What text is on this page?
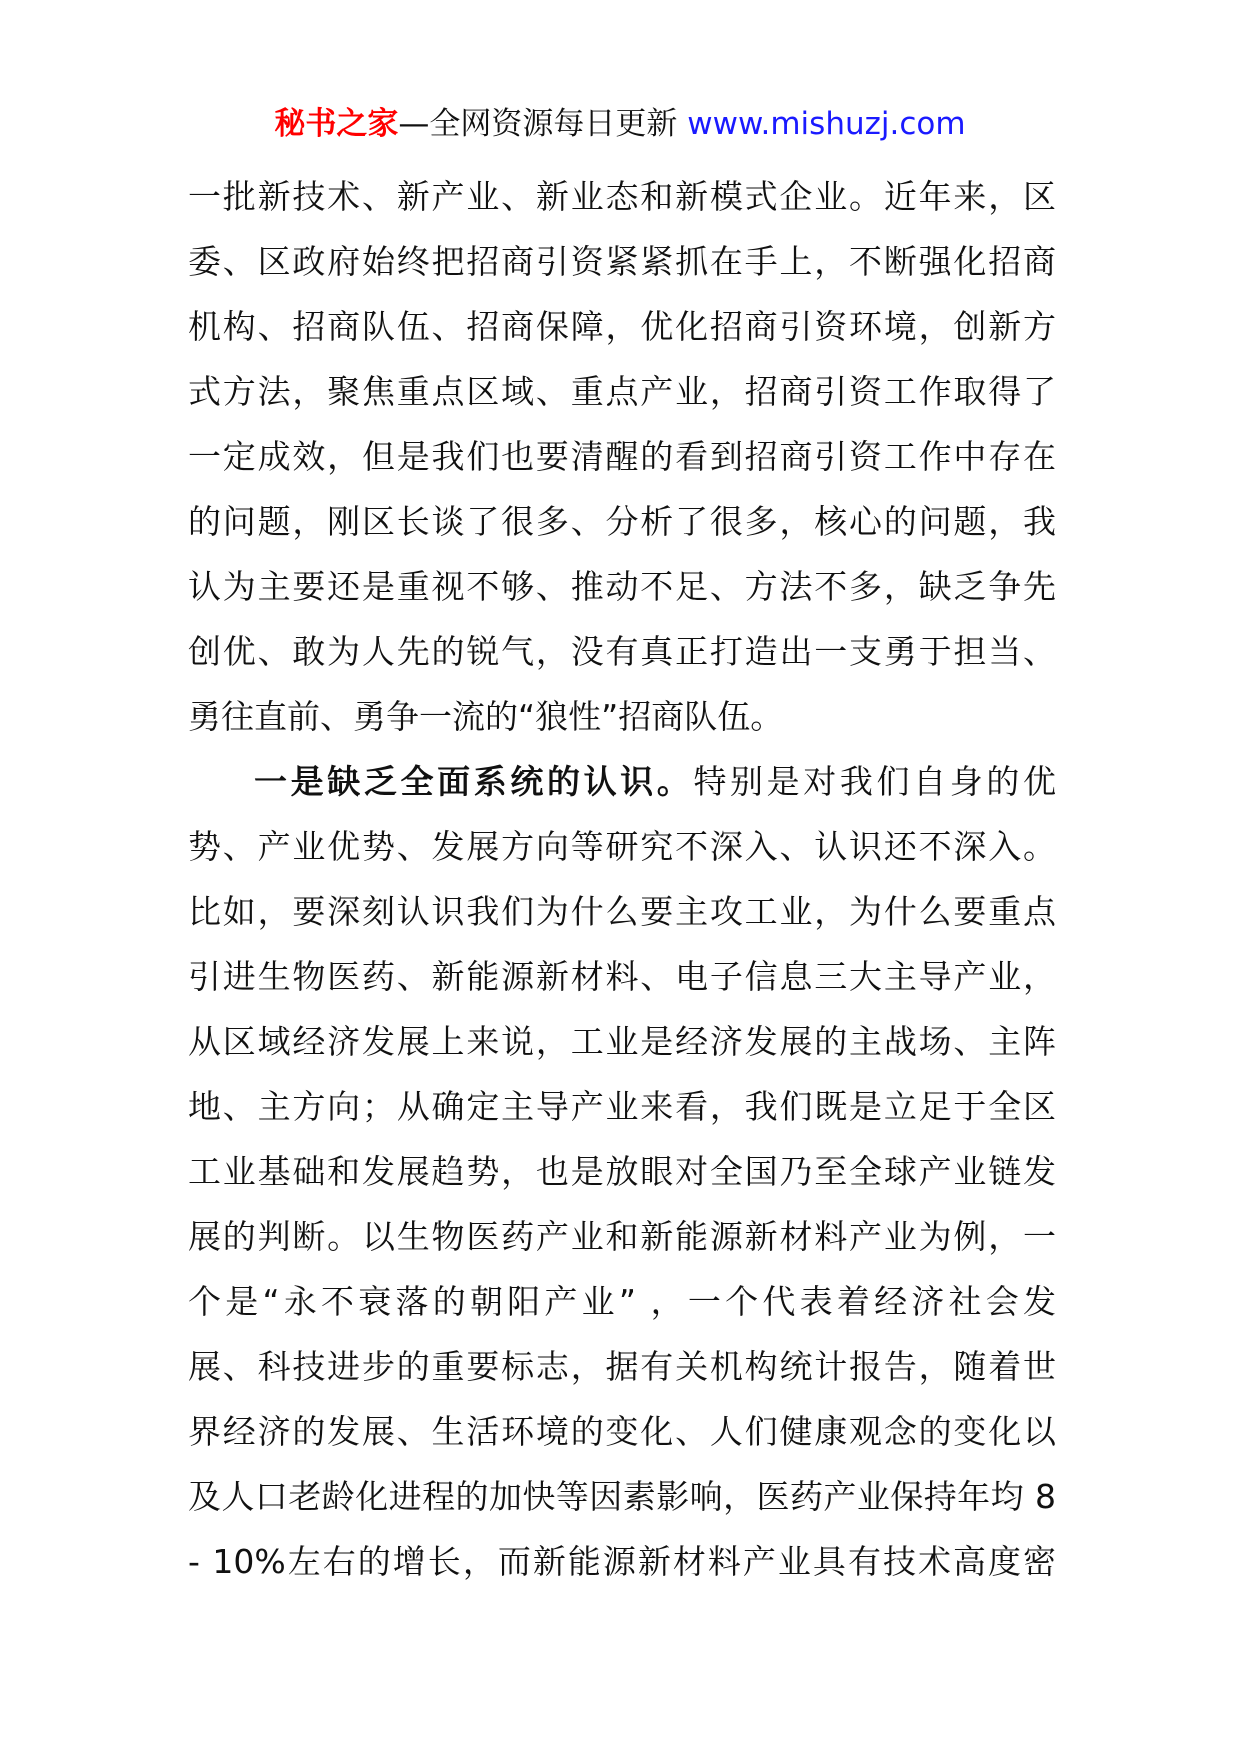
秘书之家—全网资源每日更新 www.mishuzj.com
一批新技术、新产业、新业态和新模式企业。近年来，区
委、区政府始终把招商引资紧紧抓在手上，不断强化招商
机构、招商队伍、招商保障，优化招商引资环境，创新方
式方法，聚焦重点区域、重点产业，招商引资工作取得了
一定成效，但是我们也要清醒的看到招商引资工作中存在
的问题，刚区长谈了很多、分析了很多，核心的问题，我
认为主要还是重视不够、推动不足、方法不多，缺乏争先
创优、敢为人先的锐气，没有真正打造出一支勇于担当、
勇往直前、勇争一流的“狼性”招商队伍。
一是缺乏全面系统的认识。特别是对我们自身的优
势、产业优势、发展方向等研究不深入、认识还不深入。
比如，要深刻认识我们为什么要主攻工业，为什么要重点
引进生物医药、新能源新材料、电子信息三大主导产业，
从区域经济发展上来说，工业是经济发展的主战场、主阵
地、主方向；从确定主导产业来看，我们既是立足于全区
工业基础和发展趋势，也是放眼对全国乃至全球产业链发
展的判断。以生物医药产业和新能源新材料产业为例，一
个是“永不衰落的朝阳产业” ，一个代表着经济社会发
展、科技进步的重要标志，据有关机构统计报告，随着世
界经济的发展、生活环境的变化、人们健康观念的变化以
及人口老龄化进程的加快等因素影响，医药产业保持年均 8
- 10%左右的增长，而新能源新材料产业具有技术高度密
